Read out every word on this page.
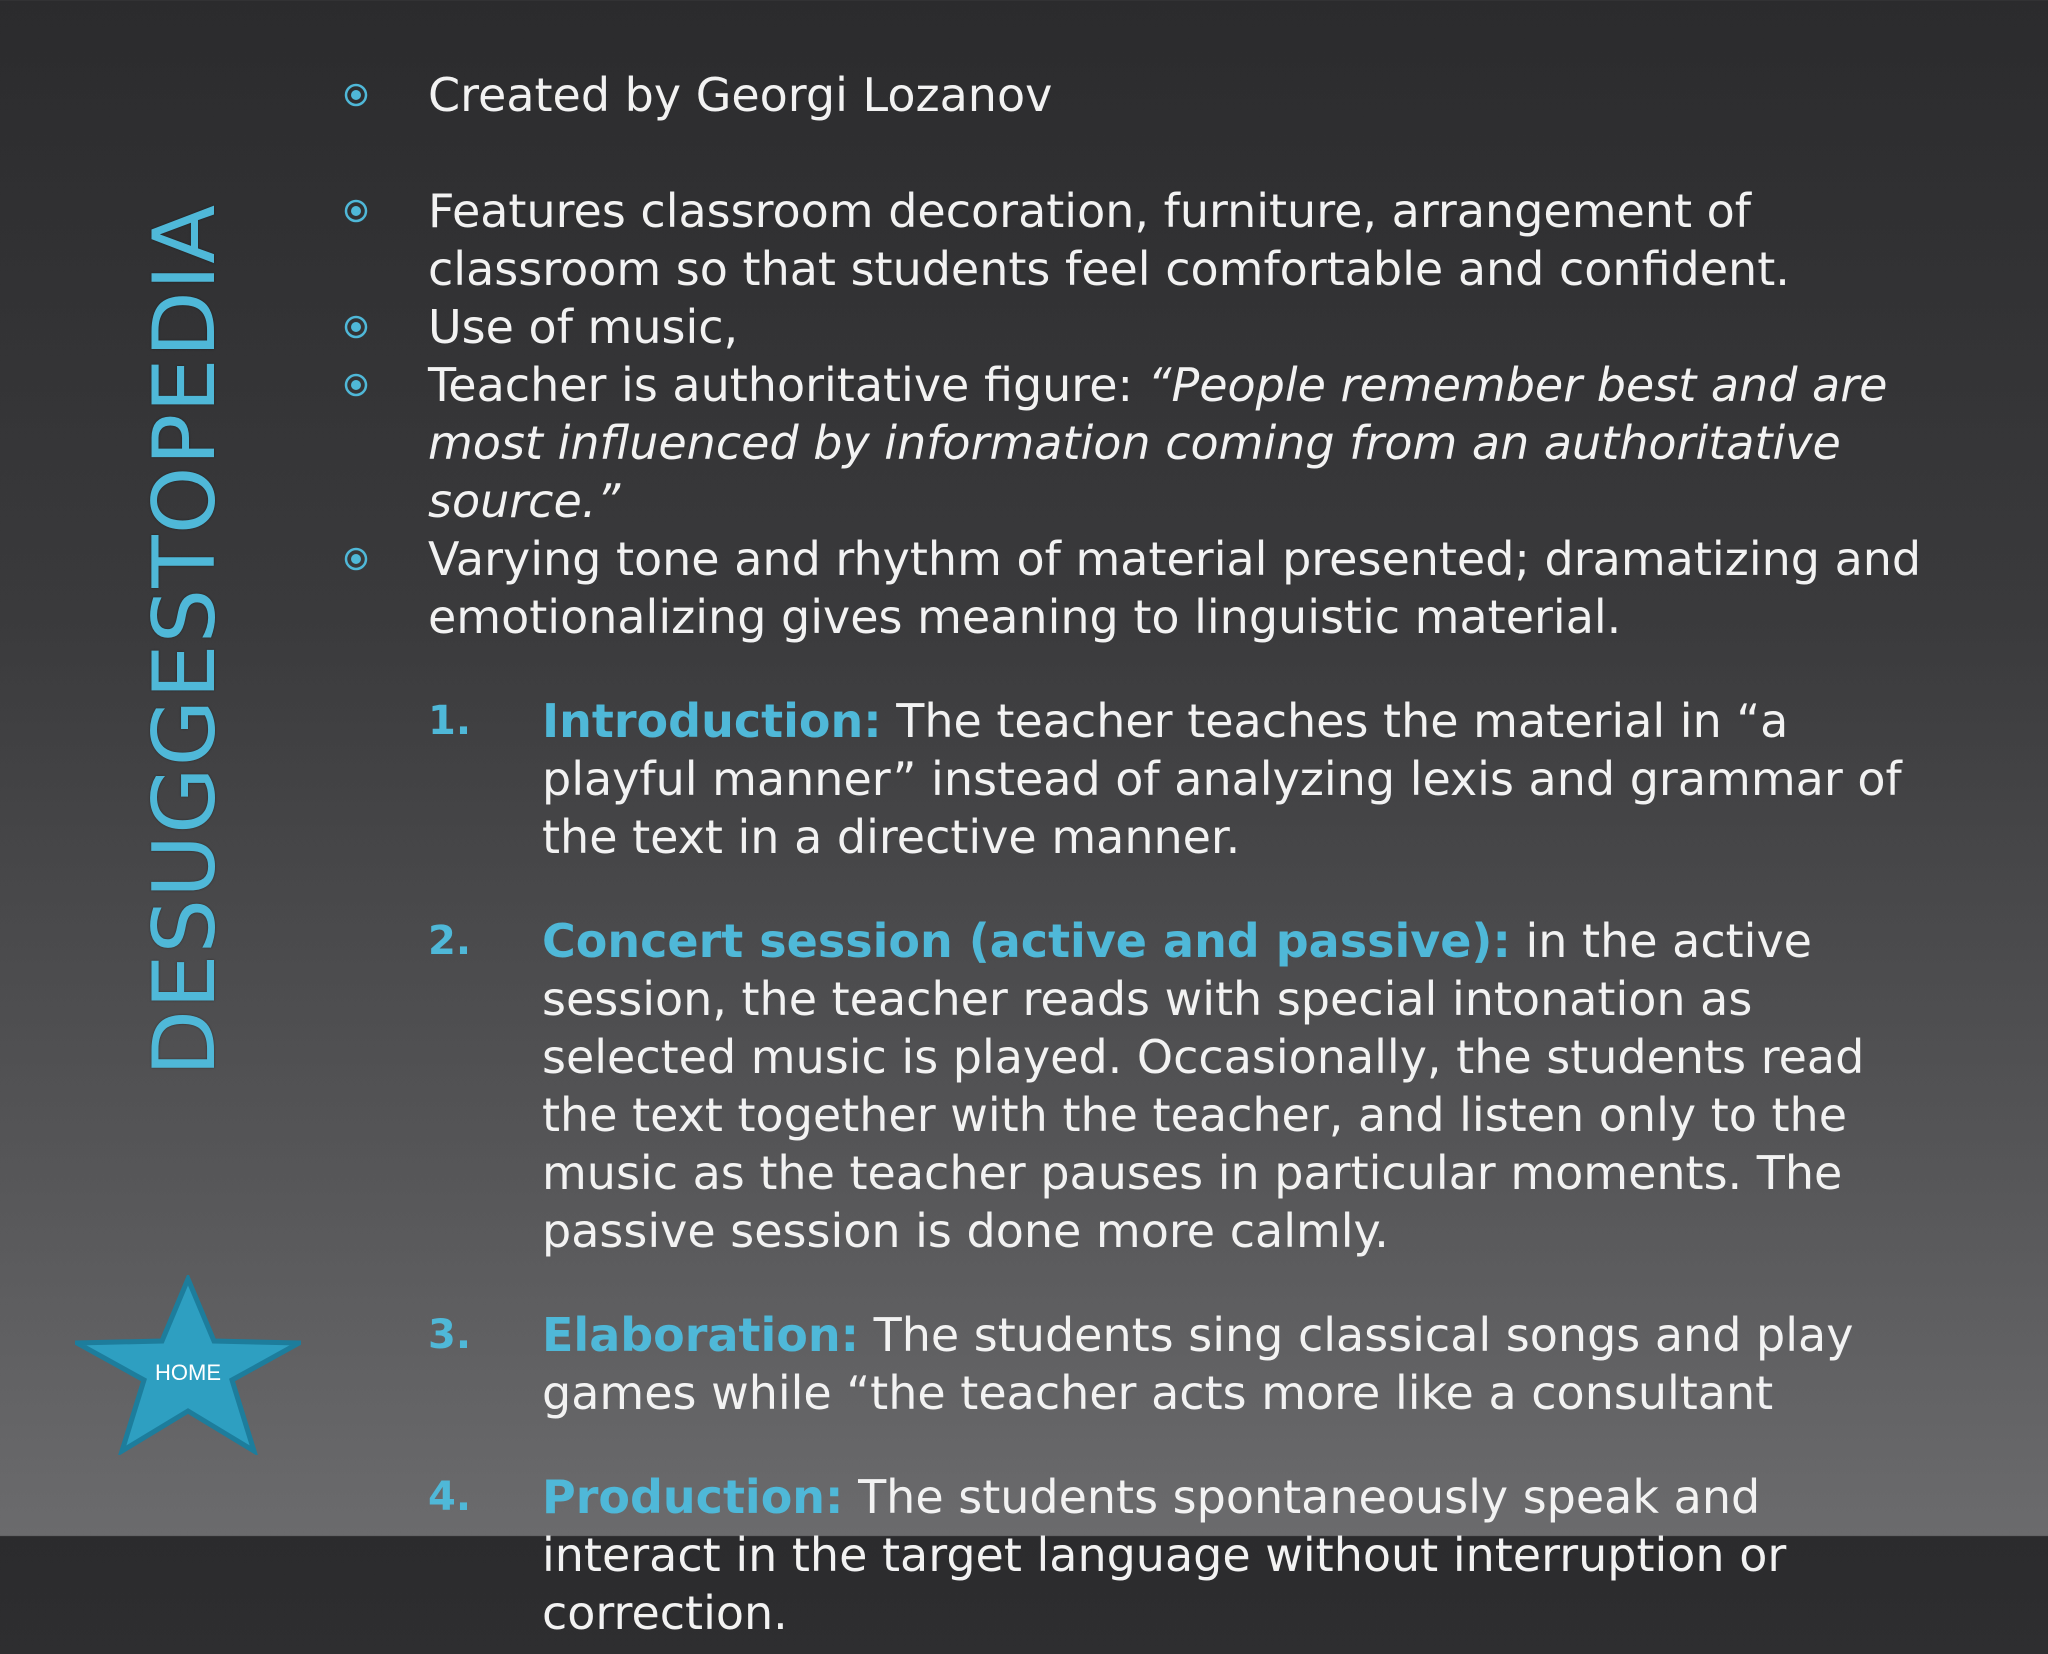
DESUGGESTOPEDIA

Created by Georgi Lozanov

Features classroom decoration, furniture, arrangement of classroom so that students feel comfortable and confident.

Use of music,

Teacher is authoritative figure: “People remember best and are most influenced by information coming from an authoritative source.”

Varying tone and rhythm of material presented; dramatizing and emotionalizing gives meaning to linguistic material.

1. Introduction: The teacher teaches the material in “a playful manner” instead of analyzing lexis and grammar of the text in a directive manner.

2. Concert session (active and passive): in the active session, the teacher reads with special intonation as selected music is played. Occasionally, the students read the text together with the teacher, and listen only to the music as the teacher pauses in particular moments. The passive session is done more calmly.

3. Elaboration: The students sing classical songs and play games while “the teacher acts more like a consultant

4. Production: The students spontaneously speak and interact in the target language without interruption or correction.

HOME
